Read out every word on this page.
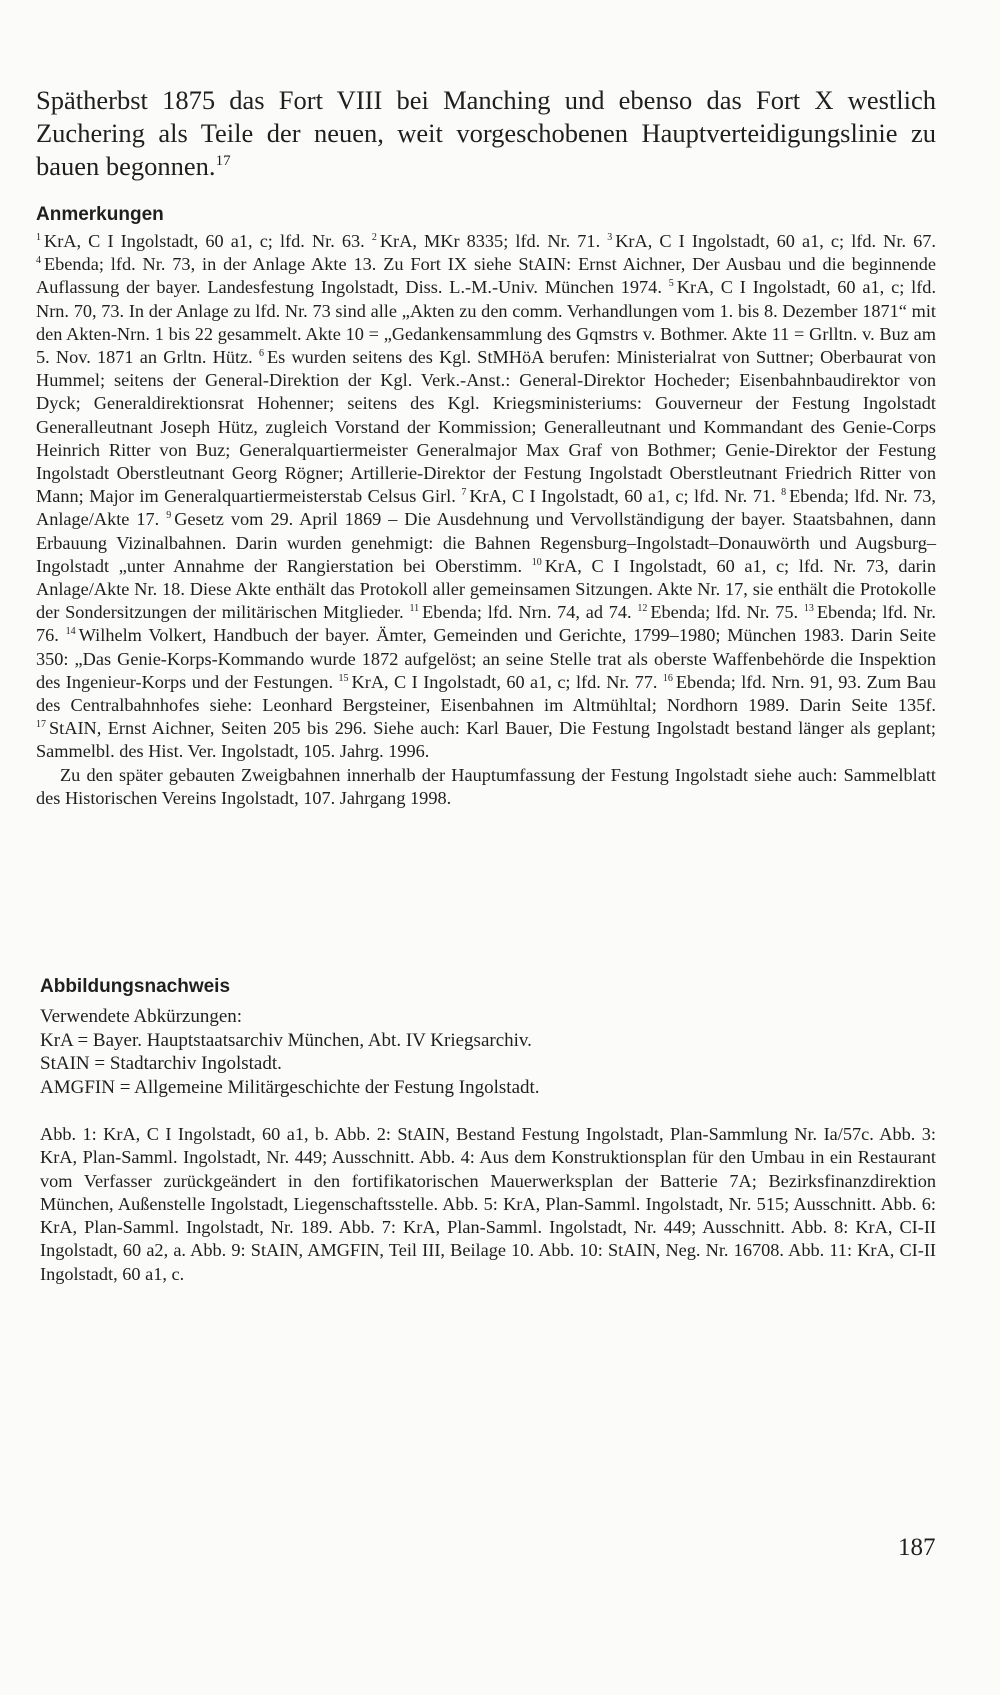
Spätherbst 1875 das Fort VIII bei Manching und ebenso das Fort X westlich Zuchering als Teile der neuen, weit vorgeschobenen Hauptverteidigungslinie zu bauen begonnen.$^{17}$
Anmerkungen

$^1$ KrA, C I Ingolstadt, 60 a1, c; lfd. Nr. 63. $^2$ KrA, MKr 8335; lfd. Nr. 71. $^3$ KrA, C I Ingolstadt, 60 a1, c; lfd. Nr. 67. $^4$ Ebenda; lfd. Nr. 73, in der Anlage Akte 13. Zu Fort IX siehe StAIN: Ernst Aichner, Der Ausbau und die beginnende Auflassung der bayer. Landesfestung Ingolstadt, Diss. L.-M.-Univ. München 1974. $^5$ KrA, C I Ingolstadt, 60 a1, c; lfd. Nrn. 70, 73. In der Anlage zu lfd. Nr. 73 sind alle „Akten zu den comm. Verhandlungen vom 1. bis 8. Dezember 1871“ mit den Akten-Nrn. 1 bis 22 gesammelt. Akte 10 = „Gedankensammlung des Gqmstrs v. Bothmer. Akte 11 = Grlltn. v. Buz am 5. Nov. 1871 an Grltn. Hütz. $^6$ Es wurden seitens des Kgl. StMHöA berufen: Ministerialrat von Suttner; Oberbaurat von Hummel; seitens der General-Direktion der Kgl. Verk.-Anst.: General-Direktor Hocheder; Eisenbahnbaudirektor von Dyck; Generaldirektionsrat Hohenner; seitens des Kgl. Kriegsministeriums: Gouverneur der Festung Ingolstadt Generalleutnant Joseph Hütz, zugleich Vorstand der Kommission; Generalleutnant und Kommandant des Genie-Corps Heinrich Ritter von Buz; Generalquartiermeister Generalmajor Max Graf von Bothmer; Genie-Direktor der Festung Ingolstadt Oberstleutnant Georg Rögner; Artillerie-Direktor der Festung Ingolstadt Oberstleutnant Friedrich Ritter von Mann; Major im Generalquartiermeisterstab Celsus Girl. $^7$ KrA, C I Ingolstadt, 60 a1, c; lfd. Nr. 71. $^8$ Ebenda; lfd. Nr. 73, Anlage/Akte 17. $^9$ Gesetz vom 29. April 1869 – Die Ausdehnung und Vervollständigung der bayer. Staatsbahnen, dann Erbauung Vizinalbahnen. Darin wurden genehmigt: die Bahnen Regensburg–Ingolstadt–Donauwörth und Augsburg–Ingolstadt „unter Annahme der Rangierstation bei Oberstimm. $^{10}$ KrA, C I Ingolstadt, 60 a1, c; lfd. Nr. 73, darin Anlage/Akte Nr. 18. Diese Akte enthält das Protokoll aller gemeinsamen Sitzungen. Akte Nr. 17, sie enthält die Protokolle der Sondersitzungen der militärischen Mitglieder. $^{11}$ Ebenda; lfd. Nrn. 74, ad 74. $^{12}$ Ebenda; lfd. Nr. 75. $^{13}$ Ebenda; lfd. Nr. 76. $^{14}$ Wilhelm Volkert, Handbuch der bayer. Ämter, Gemeinden und Gerichte, 1799–1980; München 1983. Darin Seite 350: „Das Genie-Korps-Kommando wurde 1872 aufgelöst; an seine Stelle trat als oberste Waffenbehörde die Inspektion des Ingenieur-Korps und der Festungen. $^{15}$ KrA, C I Ingolstadt, 60 a1, c; lfd. Nr. 77. $^{16}$ Ebenda; lfd. Nrn. 91, 93. Zum Bau des Centralbahnhofes siehe: Leonhard Bergsteiner, Eisenbahnen im Altmühltal; Nordhorn 1989. Darin Seite 135f. $^{17}$ StAIN, Ernst Aichner, Seiten 205 bis 296. Siehe auch: Karl Bauer, Die Festung Ingolstadt bestand länger als geplant; Sammelbl. des Hist. Ver. Ingolstadt, 105. Jahrg. 1996.

Zu den später gebauten Zweigbahnen innerhalb der Hauptumfassung der Festung Ingolstadt siehe auch: Sammelblatt des Historischen Vereins Ingolstadt, 107. Jahrgang 1998.

Abbildungsnachweis
Verwendete Abkürzungen:
KrA = Bayer. Hauptstaatsarchiv München, Abt. IV Kriegsarchiv.
StAIN = Stadtarchiv Ingolstadt.
AMGFIN = Allgemeine Militärgeschichte der Festung Ingolstadt.
Abb. 1: KrA, C I Ingolstadt, 60 a1, b. Abb. 2: StAIN, Bestand Festung Ingolstadt, Plan-Sammlung Nr. Ia/57c. Abb. 3: KrA, Plan-Samml. Ingolstadt, Nr. 449; Ausschnitt. Abb. 4: Aus dem Konstruktionsplan für den Umbau in ein Restaurant vom Verfasser zurückgeändert in den fortifikatorischen Mauerwerksplan der Batterie 7A; Bezirksfinanzdirektion München, Außenstelle Ingolstadt, Liegenschaftsstelle. Abb. 5: KrA, Plan-Samml. Ingolstadt, Nr. 515; Ausschnitt. Abb. 6: KrA, Plan-Samml. Ingolstadt, Nr. 189. Abb. 7: KrA, Plan-Samml. Ingolstadt, Nr. 449; Ausschnitt. Abb. 8: KrA, CI-II Ingolstadt, 60 a2, a. Abb. 9: StAIN, AMGFIN, Teil III, Beilage 10. Abb. 10: StAIN, Neg. Nr. 16708. Abb. 11: KrA, CI-II Ingolstadt, 60 a1, c.
187
